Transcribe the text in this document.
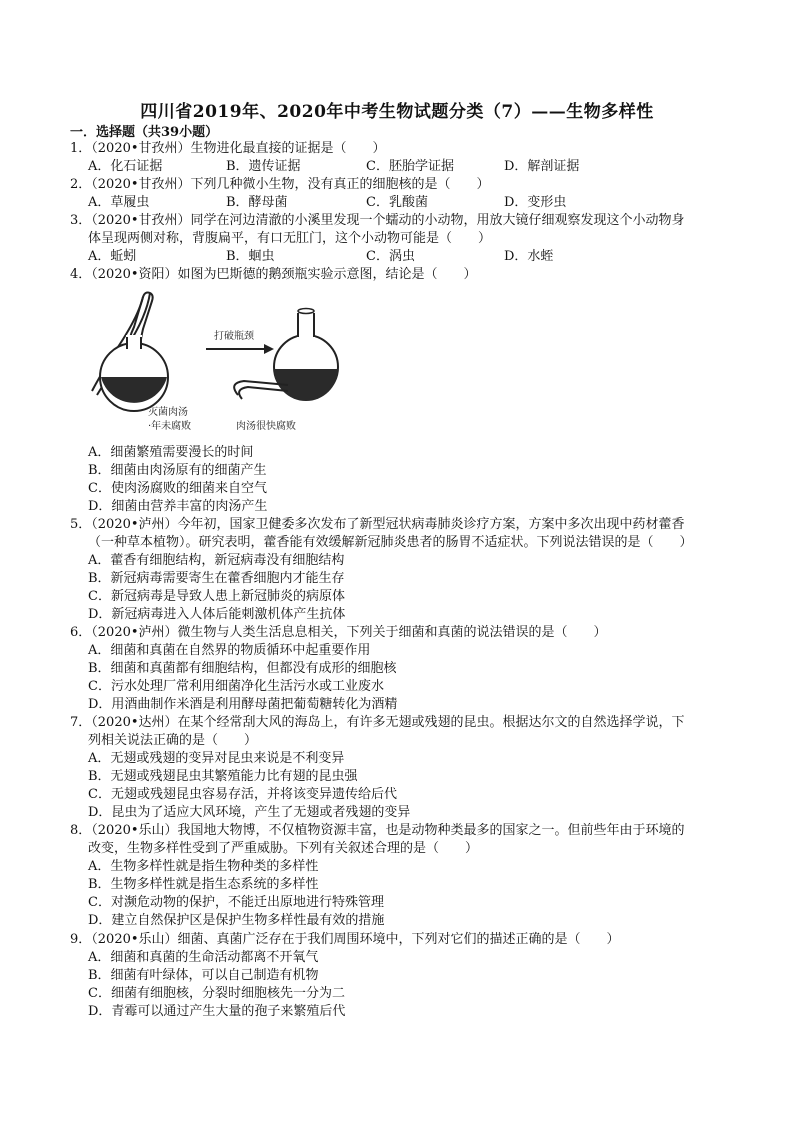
四川省2019年、2020年中考生物试题分类（7）——生物多样性
一．选择题（共39小题）
1．（2020•甘孜州）生物进化最直接的证据是（　　）
A．化石证据	B．遗传证据	C．胚胎学证据	D．解剖证据
2．（2020•甘孜州）下列几种微小生物，没有真正的细胞核的是（　　）
A．草履虫	B．酵母菌	C．乳酸菌	D．变形虫
3．（2020•甘孜州）同学在河边清澈的小溪里发现一个蠕动的小动物，用放大镜仔细观察发现这个小动物身
体呈现两侧对称，背腹扁平，有口无肛门，这个小动物可能是（　　）
A．蚯蚓	B．蛔虫	C．涡虫	D．水蛭
4．（2020•资阳）如图为巴斯德的鹅颈瓶实验示意图，结论是（　　）
打破瓶颈
灭菌肉汤
·年未腐败	肉汤很快腐败
A．细菌繁殖需要漫长的时间
B．细菌由肉汤原有的细菌产生
C．使肉汤腐败的细菌来自空气
D．细菌由营养丰富的肉汤产生
5．（2020•泸州）今年初，国家卫健委多次发布了新型冠状病毒肺炎诊疗方案，方案中多次出现中药材藿香
（一种草本植物）。研究表明，藿香能有效缓解新冠肺炎患者的肠胃不适症状。下列说法错误的是（　　）
A．藿香有细胞结构，新冠病毒没有细胞结构
B．新冠病毒需要寄生在藿香细胞内才能生存
C．新冠病毒是导致人患上新冠肺炎的病原体
D．新冠病毒进入人体后能刺激机体产生抗体
6．（2020•泸州）微生物与人类生活息息相关，下列关于细菌和真菌的说法错误的是（　　）
A．细菌和真菌在自然界的物质循环中起重要作用
B．细菌和真菌都有细胞结构，但都没有成形的细胞核
C．污水处理厂常利用细菌净化生活污水或工业废水
D．用酒曲制作米酒是利用酵母菌把葡萄糖转化为酒精
7．（2020•达州）在某个经常刮大风的海岛上，有许多无翅或残翅的昆虫。根据达尔文的自然选择学说，下
列相关说法正确的是（　　）
A．无翅或残翅的变异对昆虫来说是不利变异
B．无翅或残翅昆虫其繁殖能力比有翅的昆虫强
C．无翅或残翅昆虫容易存活，并将该变异遗传给后代
D．昆虫为了适应大风环境，产生了无翅或者残翅的变异
8．（2020•乐山）我国地大物博，不仅植物资源丰富，也是动物种类最多的国家之一。但前些年由于环境的
改变，生物多样性受到了严重威胁。下列有关叙述合理的是（　　）
A．生物多样性就是指生物种类的多样性
B．生物多样性就是指生态系统的多样性
C．对濒危动物的保护，不能迁出原地进行特殊管理
D．建立自然保护区是保护生物多样性最有效的措施
9．（2020•乐山）细菌、真菌广泛存在于我们周围环境中，下列对它们的描述正确的是（　　）
A．细菌和真菌的生命活动都离不开氧气
B．细菌有叶绿体，可以自己制造有机物
C．细菌有细胞核，分裂时细胞核先一分为二
D．青霉可以通过产生大量的孢子来繁殖后代
